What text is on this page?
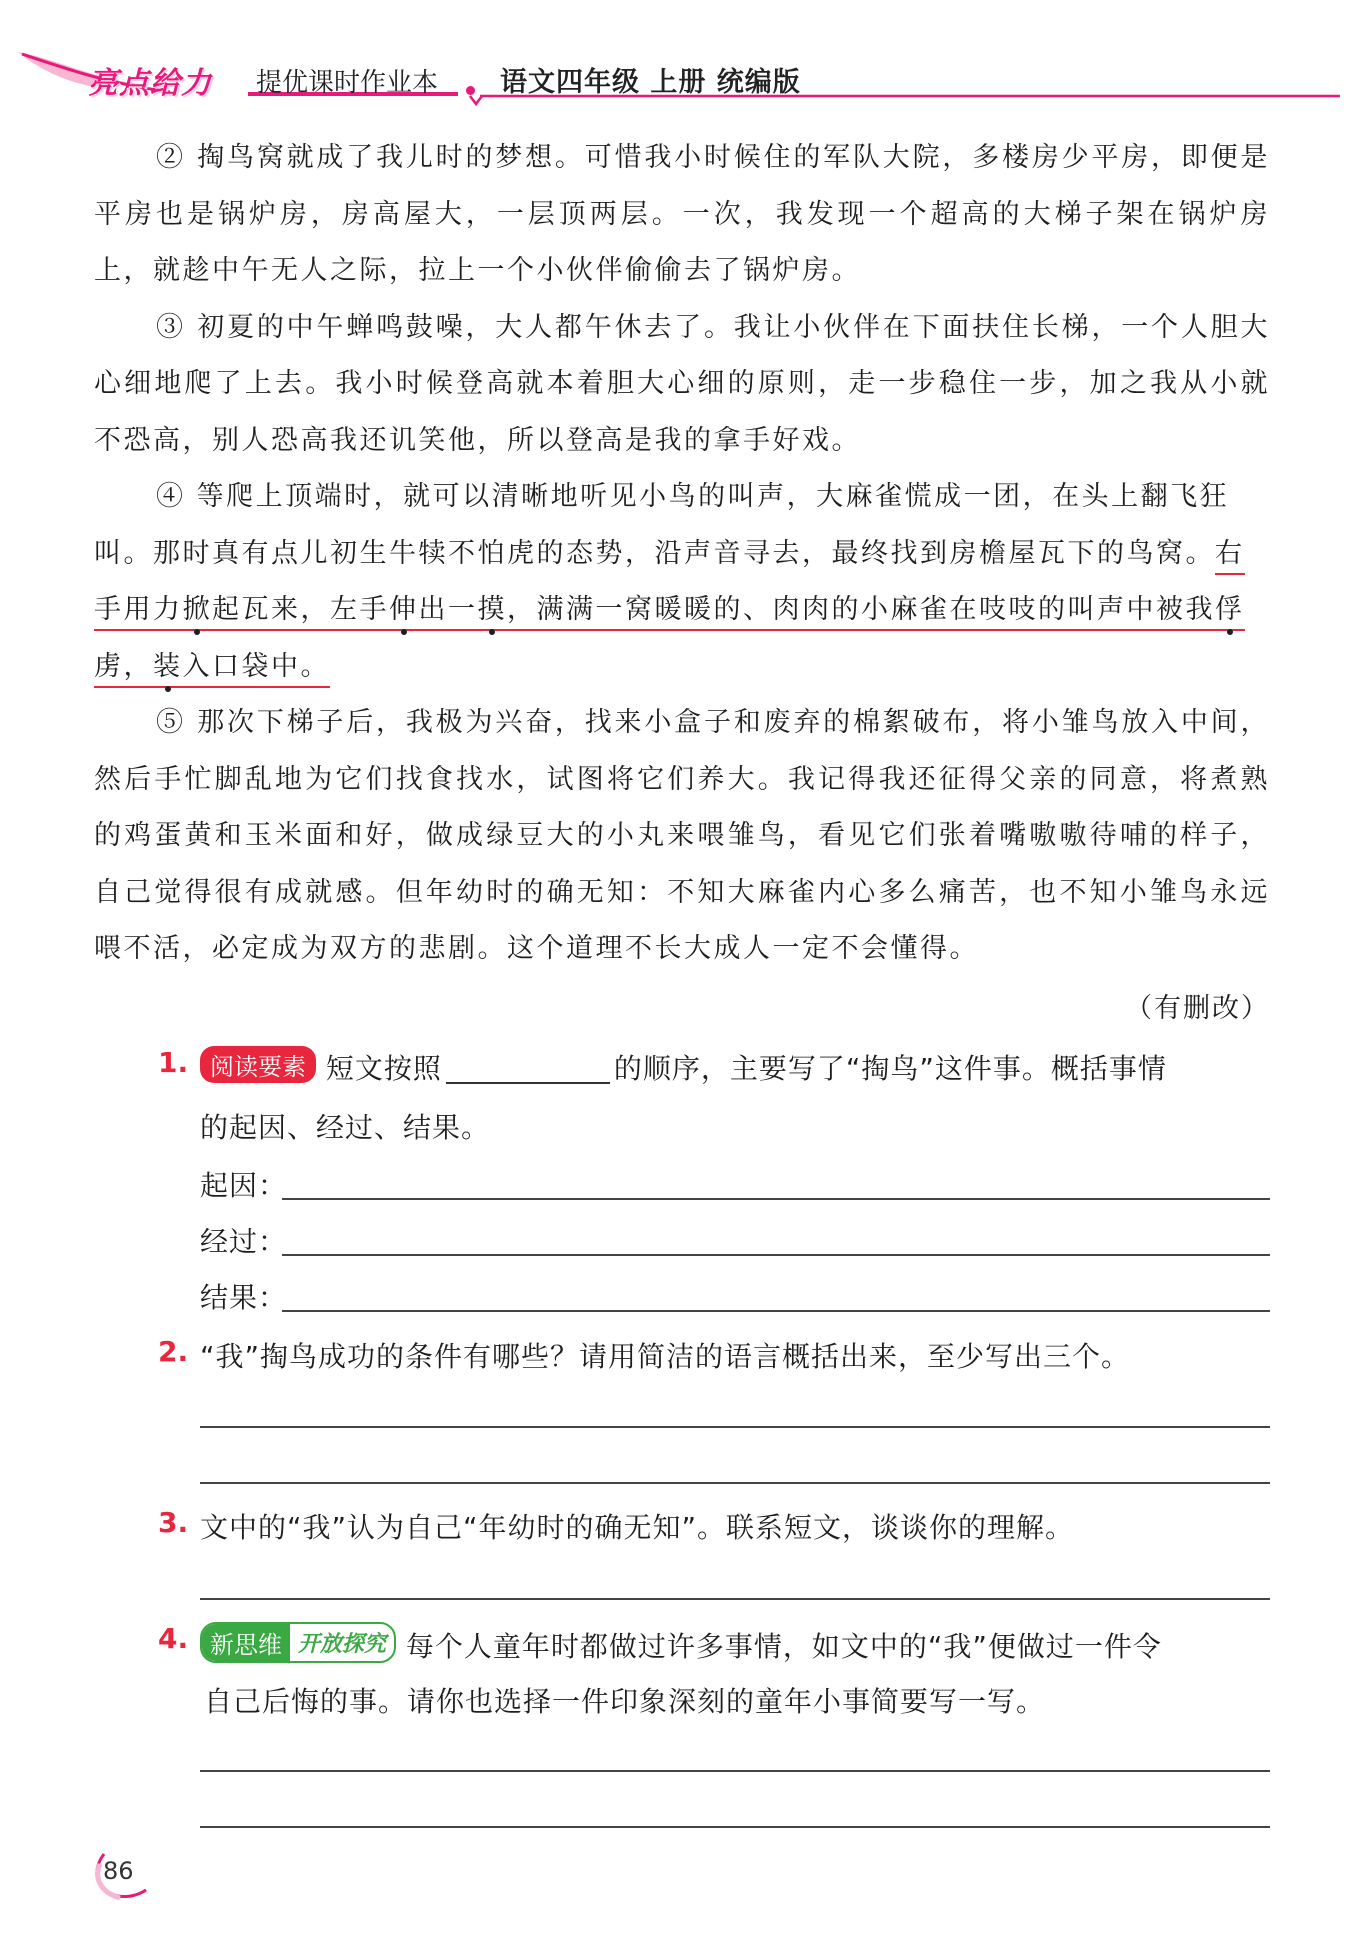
亮点给力 提优课时作业本 语文四年级 上册 统编版

② 掏鸟窝就成了我儿时的梦想。可惜我小时候住的军队大院，多楼房少平房，即便是平房也是锅炉房，房高屋大，一层顶两层。一次，我发现一个超高的大梯子架在锅炉房上，就趁中午无人之际，拉上一个小伙伴偷偷去了锅炉房。

③ 初夏的中午蝉鸣鼓噪，大人都午休去了。我让小伙伴在下面扶住长梯，一个人胆大心细地爬了上去。我小时候登高就本着胆大心细的原则，走一步稳住一步，加之我从小就不恐高，别人恐高我还讥笑他，所以登高是我的拿手好戏。

④ 等爬上顶端时，就可以清晰地听见小鸟的叫声，大麻雀慌成一团，在头上翻飞狂叫。那时真有点儿初生牛犊不怕虎的态势，沿声音寻去，最终找到房檐屋瓦下的鸟窝。右手用力掀起瓦来，左手伸出一摸，满满一窝暖暖的、肉肉的小麻雀在吱吱的叫声中被我俘虏，装入口袋中。

⑤ 那次下梯子后，我极为兴奋，找来小盒子和废弃的棉絮破布，将小雏鸟放入中间，然后手忙脚乱地为它们找食找水，试图将它们养大。我记得我还征得父亲的同意，将煮熟的鸡蛋黄和玉米面和好，做成绿豆大的小丸来喂雏鸟，看见它们张着嘴嗷嗷待哺的样子，自己觉得很有成就感。但年幼时的确无知：不知大麻雀内心多么痛苦，也不知小雏鸟永远喂不活，必定成为双方的悲剧。这个道理不长大成人一定不会懂得。

（有删改）
1. 阅读要素 短文按照	的顺序，主要写了“掏鸟”这件事。概括事情
的起因、经过、结果。
起因：
经过：
结果：
2. “我”掏鸟成功的条件有哪些？请用简洁的语言概括出来，至少写出三个。
3. 文中的“我”认为自己“年幼时的确无知”。联系短文，谈谈你的理解。
4. 新思维 开放探究 每个人童年时都做过许多事情，如文中的“我”便做过一件令
自己后悔的事。请你也选择一件印象深刻的童年小事简要写一写。
86
